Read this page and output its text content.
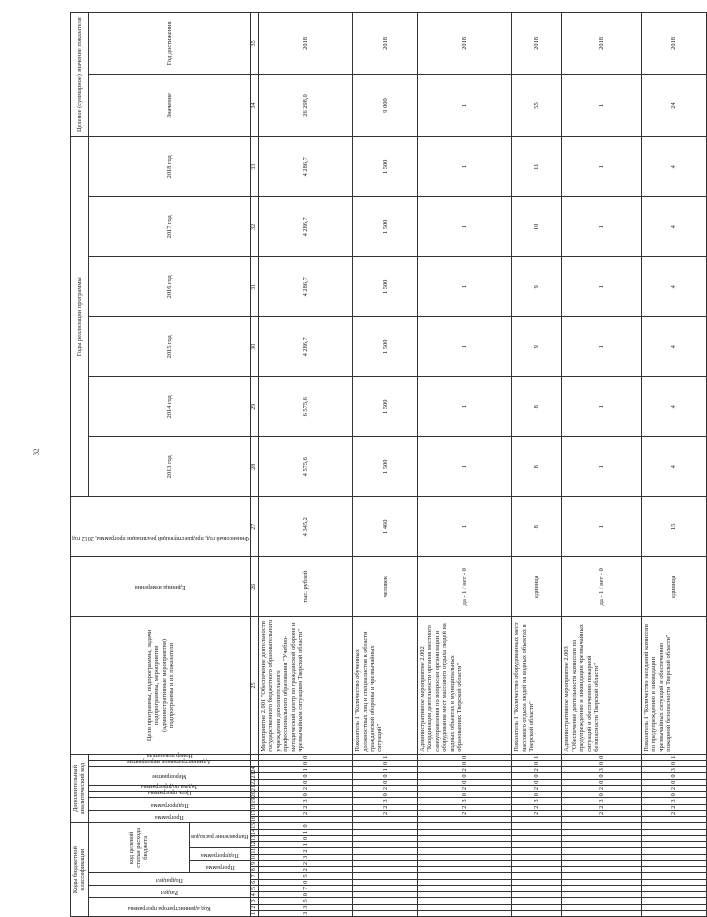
32
Коды бюджетной классификации															Дополнительный аналитический код											Цели программы, подпрограммы, задачи подпрограммы, мероприятия (административные мероприятия) подпрограммы и их показатели	Единица измерения	Финансовый год, предшествующий реализации программы, 2012 год	Годы реализации программы						Целевое (суммарное) значение показателя	

Код администратора программы			Раздел		Подраздел		код целевой статьи расхода бюджета								Программа		Подпрограмма		Цель программы	Задача подпрограммы	Мероприятие			Административное мероприятие	Номер показателя				2013 год	2014 год	2015 год	2016 год	2017 год	2018 год	Значение	Год достижения

							Программа		Подпрограмма		Направление расходов																									

1	2	3	4	5	6	7	8	9	10	11	12	13	14	15	16	17	18	19	20	21	22	23	24			25	26	27	28	29	30	31	32	33	34	35
3	3	5	0	7	0	5	2	2	3	2	1	0	1	0		2	2	3	0	2	0	0	1	0	0	Мероприятие 2.001 "Обеспечение деятельности государственного бюджетного образовательного учреждения дополнительного профессионального образования "Учебно-методический центр по гражданской обороне и чрезвычайным ситуациям Тверской области"	тыс. рублей	4 345,2	4 575,6	6 575,6	4 286,7	4 286,7	4 286,7	4 286,7	26 298,0	2018
																2	2	3	0	2	0	0	1	0	1	Показатель 1 "Количество обученных должностных лиц и специалистов в области гражданской обороны и чрезвычайных ситуаций"	человек	1 460	1 500	1 500	1 500	1 500	1 500	1 500	9 000	2018
																2	2	3	0	2	0	0	2	0	0	Административное мероприятие 2.002 "Координация деятельности органов местного самоуправления по вопросам организации и оборудования мест массового отдыха людей на водных объектах в муниципальных образованиях Тверской области"	да - 1 / нет - 0	1	1	1	1	1	1	1	1	2018
																2	2	3	0	2	0	0	2	0	1	Показатель 1 "Количество оборудованных мест массового отдыха людей на водных объектах в Тверской области"	единица	8	8	8	9	9	10	11	55	2018
																2	2	3	0	2	0	0	3	0	0	Административное мероприятие 2.003 "Обеспечение деятельности комиссии по предупреждению и ликвидации чрезвычайных ситуаций и обеспечению пожарной безопасности Тверской области"	да - 1 / нет - 0	1	1	1	1	1	1	1	1	2018
																2	2	3	0	2	0	0	3	0	1	Показатель 1 "Количество заседаний комиссии по предупреждению и ликвидации чрезвычайных ситуаций и обеспечению пожарной безопасности Тверской области"	единица	15	4	4	4	4	4	4	24	2018
